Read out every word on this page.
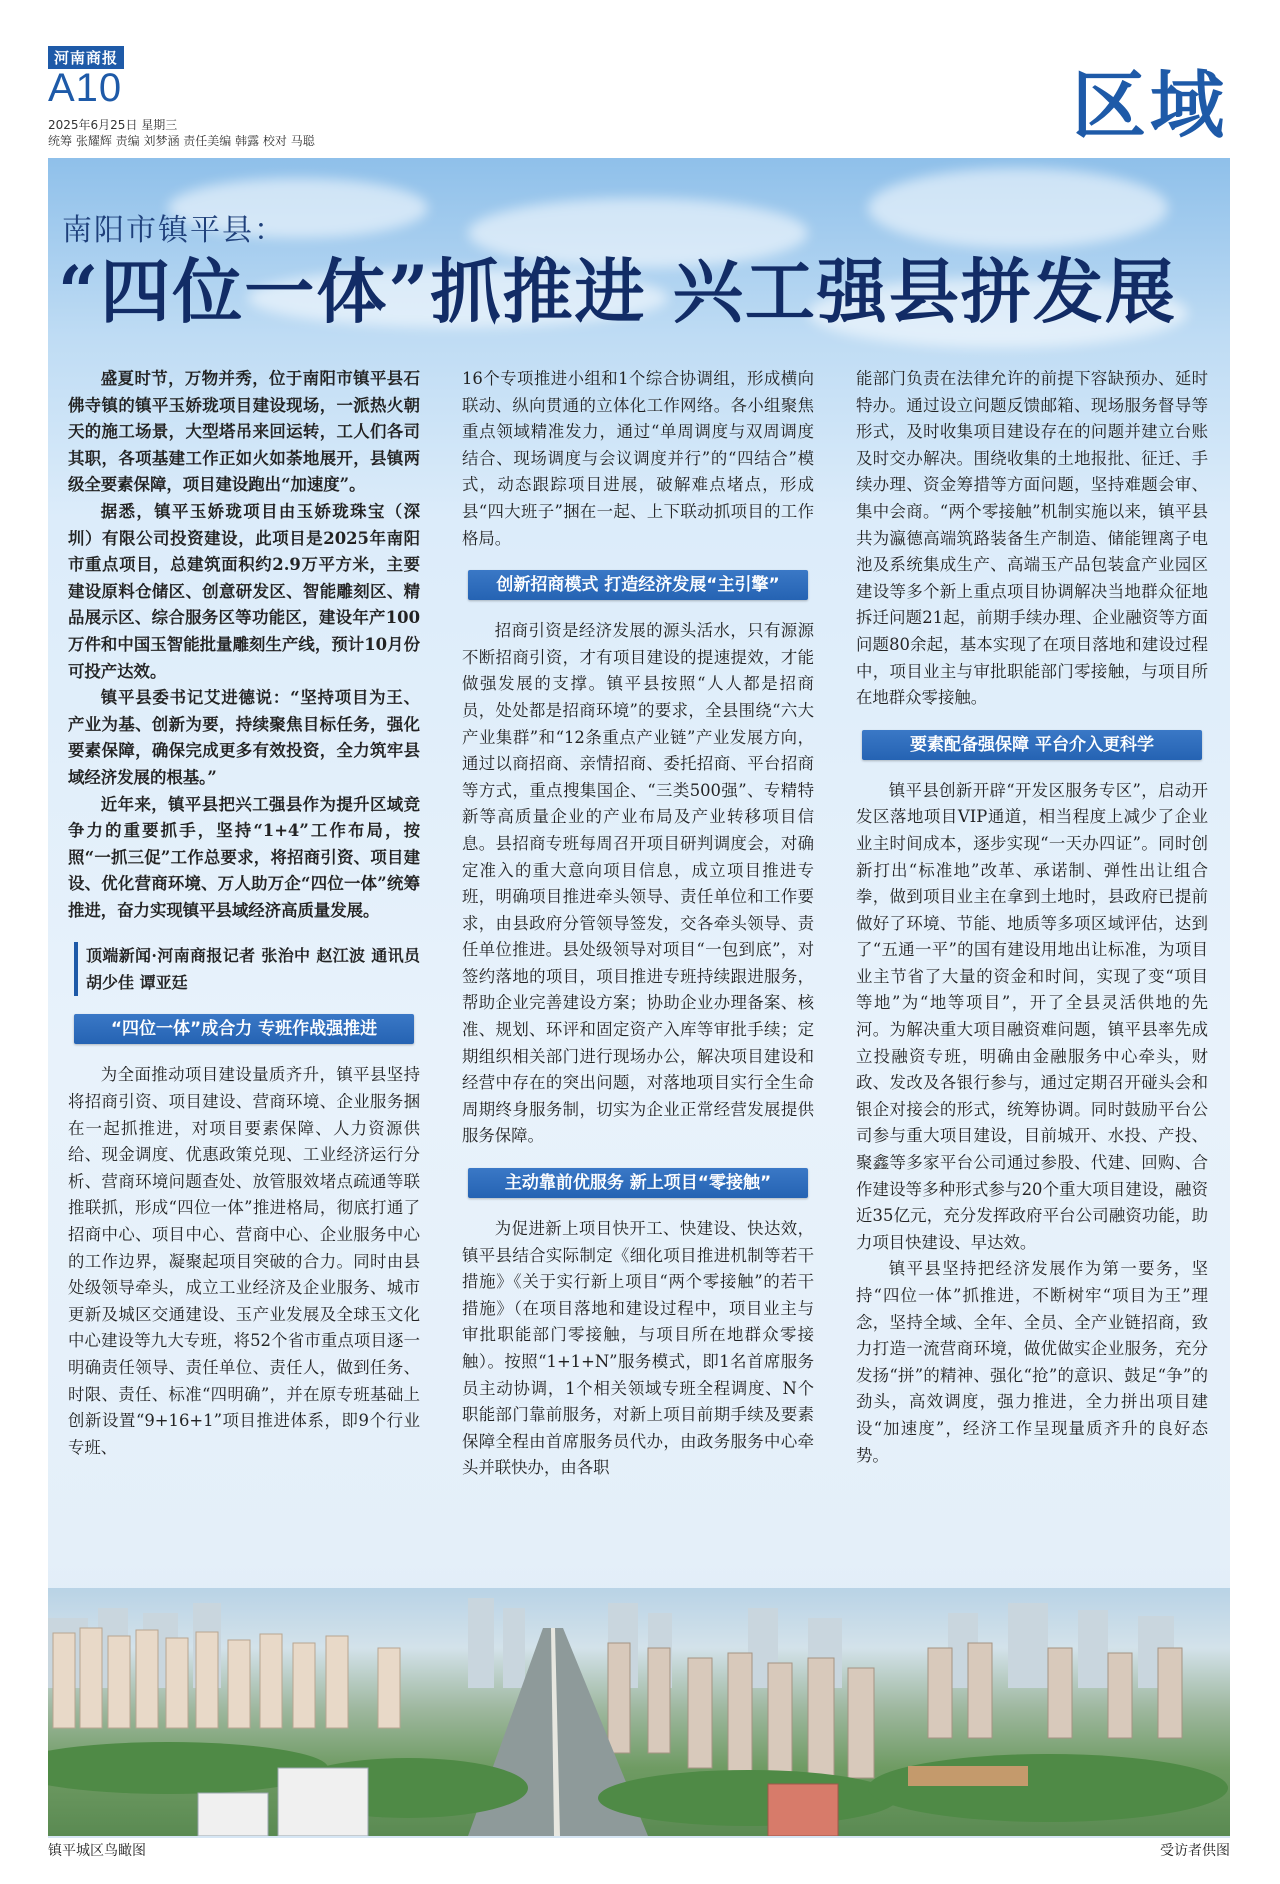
河南商报
A10
2025年6月25日 星期三
统筹 张耀辉 责编 刘梦涵 责任美编 韩露 校对 马聪	区域
南阳市镇平县：
“四位一体”抓推进 兴工强县拼发展

盛夏时节，万物并秀，位于南阳市镇平县石佛寺镇的镇平玉娇珑项目建设现场，一派热火朝天的施工场景，大型塔吊来回运转，工人们各司其职，各项基建工作正如火如荼地展开，县镇两级全要素保障，项目建设跑出“加速度”。

据悉，镇平玉娇珑项目由玉娇珑珠宝（深圳）有限公司投资建设，此项目是2025年南阳市重点项目，总建筑面积约2.9万平方米，主要建设原料仓储区、创意研发区、智能雕刻区、精品展示区、综合服务区等功能区，建设年产100万件和中国玉智能批量雕刻生产线，预计10月份可投产达效。

镇平县委书记艾进德说：“坚持项目为王、产业为基、创新为要，持续聚焦目标任务，强化要素保障，确保完成更多有效投资，全力筑牢县域经济发展的根基。”

近年来，镇平县把兴工强县作为提升区域竞争力的重要抓手，坚持“1+4”工作布局，按照“一抓三促”工作总要求，将招商引资、项目建设、优化营商环境、万人助万企“四位一体”统筹推进，奋力实现镇平县域经济高质量发展。

顶端新闻·河南商报记者 张治中 赵江波 通讯员 胡少佳 谭亚廷
“四位一体”成合力 专班作战强推进

为全面推动项目建设量质齐升，镇平县坚持将招商引资、项目建设、营商环境、企业服务捆在一起抓推进，对项目要素保障、人力资源供给、现金调度、优惠政策兑现、工业经济运行分析、营商环境问题查处、放管服效堵点疏通等联推联抓，形成“四位一体”推进格局，彻底打通了招商中心、项目中心、营商中心、企业服务中心的工作边界，凝聚起项目突破的合力。同时由县处级领导牵头，成立工业经济及企业服务、城市更新及城区交通建设、玉产业发展及全球玉文化中心建设等九大专班，将52个省市重点项目逐一明确责任领导、责任单位、责任人，做到任务、时限、责任、标准“四明确”，并在原专班基础上创新设置“9+16+1”项目推进体系，即9个行业专班、

16个专项推进小组和1个综合协调组，形成横向联动、纵向贯通的立体化工作网络。各小组聚焦重点领域精准发力，通过“单周调度与双周调度结合、现场调度与会议调度并行”的“四结合”模式，动态跟踪项目进展，破解难点堵点，形成县“四大班子”捆在一起、上下联动抓项目的工作格局。

创新招商模式 打造经济发展“主引擎”

招商引资是经济发展的源头活水，只有源源不断招商引资，才有项目建设的提速提效，才能做强发展的支撑。镇平县按照“人人都是招商员，处处都是招商环境”的要求，全县围绕“六大产业集群”和“12条重点产业链”产业发展方向，通过以商招商、亲情招商、委托招商、平台招商等方式，重点搜集国企、“三类500强”、专精特新等高质量企业的产业布局及产业转移项目信息。县招商专班每周召开项目研判调度会，对确定准入的重大意向项目信息，成立项目推进专班，明确项目推进牵头领导、责任单位和工作要求，由县政府分管领导签发，交各牵头领导、责任单位推进。县处级领导对项目“一包到底”，对签约落地的项目，项目推进专班持续跟进服务，帮助企业完善建设方案；协助企业办理备案、核准、规划、环评和固定资产入库等审批手续；定期组织相关部门进行现场办公，解决项目建设和经营中存在的突出问题，对落地项目实行全生命周期终身服务制，切实为企业正常经营发展提供服务保障。

主动靠前优服务 新上项目“零接触”

为促进新上项目快开工、快建设、快达效，镇平县结合实际制定《细化项目推进机制等若干措施》《关于实行新上项目“两个零接触”的若干措施》（在项目落地和建设过程中，项目业主与审批职能部门零接触，与项目所在地群众零接触）。按照“1+1+N”服务模式，即1名首席服务员主动协调，1个相关领域专班全程调度、N个职能部门靠前服务，对新上项目前期手续及要素保障全程由首席服务员代办，由政务服务中心牵头并联快办，由各职

能部门负责在法律允许的前提下容缺预办、延时特办。通过设立问题反馈邮箱、现场服务督导等形式，及时收集项目建设存在的问题并建立台账及时交办解决。围绕收集的土地报批、征迁、手续办理、资金筹措等方面问题，坚持难题会审、集中会商。“两个零接触”机制实施以来，镇平县共为瀛德高端筑路装备生产制造、储能锂离子电池及系统集成生产、高端玉产品包装盒产业园区建设等多个新上重点项目协调解决当地群众征地拆迁问题21起，前期手续办理、企业融资等方面问题80余起，基本实现了在项目落地和建设过程中，项目业主与审批职能部门零接触，与项目所在地群众零接触。

要素配备强保障 平台介入更科学

镇平县创新开辟“开发区服务专区”，启动开发区落地项目VIP通道，相当程度上减少了企业业主时间成本，逐步实现“一天办四证”。同时创新打出“标准地”改革、承诺制、弹性出让组合拳，做到项目业主在拿到土地时，县政府已提前做好了环境、节能、地质等多项区域评估，达到了“五通一平”的国有建设用地出让标准，为项目业主节省了大量的资金和时间，实现了变“项目等地”为“地等项目”，开了全县灵活供地的先河。为解决重大项目融资难问题，镇平县率先成立投融资专班，明确由金融服务中心牵头，财政、发改及各银行参与，通过定期召开碰头会和银企对接会的形式，统筹协调。同时鼓励平台公司参与重大项目建设，目前城开、水投、产投、聚鑫等多家平台公司通过参股、代建、回购、合作建设等多种形式参与20个重大项目建设，融资近35亿元，充分发挥政府平台公司融资功能，助力项目快建设、早达效。

镇平县坚持把经济发展作为第一要务，坚持“四位一体”抓推进，不断树牢“项目为王”理念，坚持全域、全年、全员、全产业链招商，致力打造一流营商环境，做优做实企业服务，充分发扬“拼”的精神、强化“抢”的意识、鼓足“争”的劲头，高效调度，强力推进，全力拼出项目建设“加速度”，经济工作呈现量质齐升的良好态势。

镇平城区鸟瞰图	受访者供图
